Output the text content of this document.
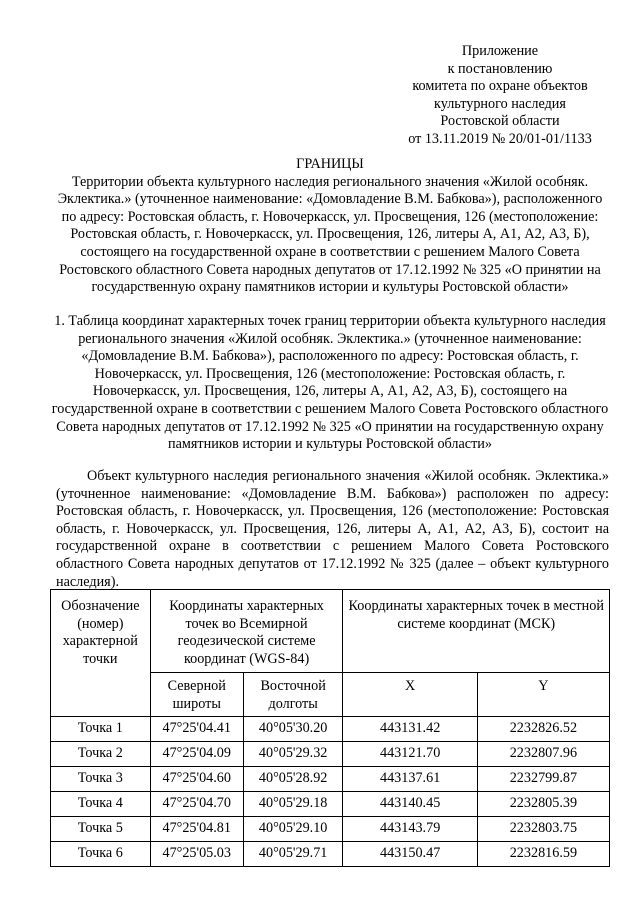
Приложение
к постановлению
комитета по охране объектов
культурного наследия
Ростовской области
от 13.11.2019 № 20/01-01/1133
ГРАНИЦЫ
Территории объекта культурного наследия регионального значения «Жилой особняк. Эклектика.» (уточненное наименование: «Домовладение В.М. Бабкова»), расположенного по адресу: Ростовская область, г. Новочеркасск, ул. Просвещения, 126 (местоположение: Ростовская область, г. Новочеркасск, ул. Просвещения, 126, литеры А, А1, А2, А3, Б), состоящего на государственной охране в соответствии с решением Малого Совета Ростовского областного Совета народных депутатов от 17.12.1992 № 325 «О принятии на государственную охрану памятников истории и культуры Ростовской области»
1. Таблица координат характерных точек границ территории объекта культурного наследия регионального значения «Жилой особняк. Эклектика.» (уточненное наименование: «Домовладение В.М. Бабкова»), расположенного по адресу: Ростовская область, г. Новочеркасск, ул. Просвещения, 126 (местоположение: Ростовская область, г. Новочеркасск, ул. Просвещения, 126, литеры А, А1, А2, А3, Б), состоящего на государственной охране в соответствии с решением Малого Совета Ростовского областного Совета народных депутатов от 17.12.1992 № 325 «О принятии на государственную охрану памятников истории и культуры Ростовской области»
Объект культурного наследия регионального значения «Жилой особняк. Эклектика.» (уточненное наименование: «Домовладение В.М. Бабкова») расположен по адресу: Ростовская область, г. Новочеркасск, ул. Просвещения, 126 (местоположение: Ростовская область, г. Новочеркасск, ул. Просвещения, 126, литеры А, А1, А2, А3, Б), состоит на государственной охране в соответствии с решением Малого Совета Ростовского областного Совета народных депутатов от 17.12.1992 № 325 (далее – объект культурного наследия).
Обозначение (номер) характерной точки	Координаты характерных точек во Всемирной геодезической системе координат (WGS-84)		Координаты характерных точек в местной системе координат (МСК)	
	Северной широты	Восточной долготы	X	Y
Точка 1	47°25'04.41	40°05'30.20	443131.42	2232826.52
Точка 2	47°25'04.09	40°05'29.32	443121.70	2232807.96
Точка 3	47°25'04.60	40°05'28.92	443137.61	2232799.87
Точка 4	47°25'04.70	40°05'29.18	443140.45	2232805.39
Точка 5	47°25'04.81	40°05'29.10	443143.79	2232803.75
Точка 6	47°25'05.03	40°05'29.71	443150.47	2232816.59
